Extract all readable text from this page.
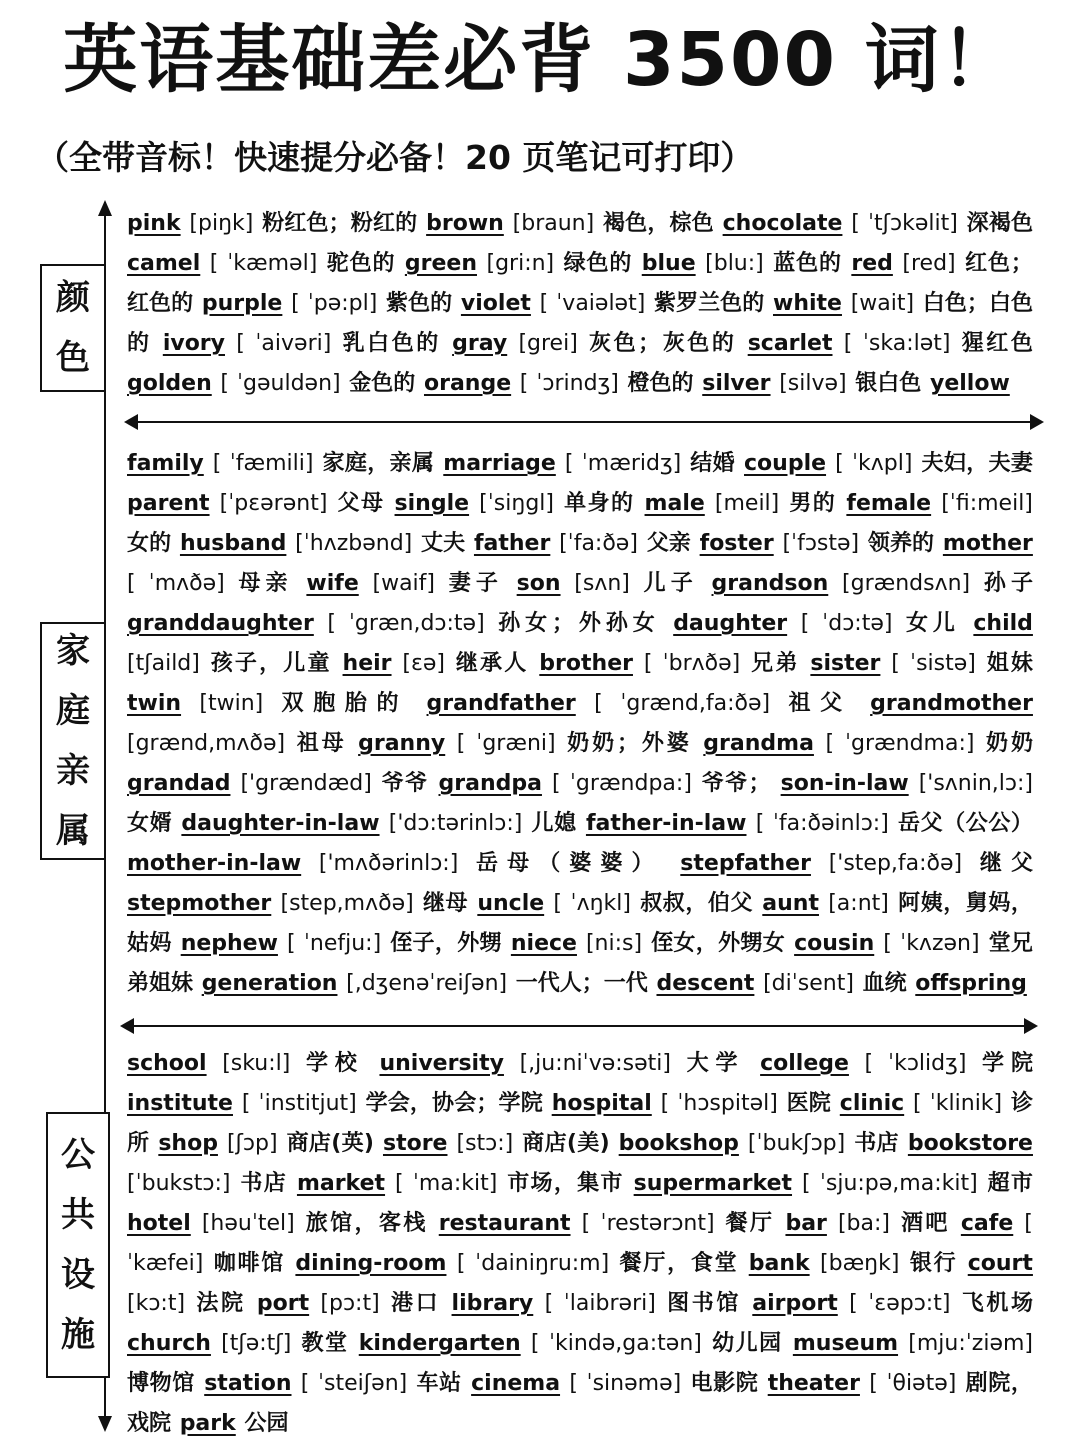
英语基础差必背 3500 词！
（全带音标！快速提分必备！20 页笔记可打印）
颜
色
家
庭
亲
属
公
共
设
施
pink [piŋk] 粉红色；粉红的 brown [braun] 褐色，棕色 chocolate [ ˈtʃɔkəlit] 深褐色 camel [ ˈkæməl] 驼色的 green [gri:n] 绿色的 blue [blu:] 蓝色的 red [red] 红色；红色的 purple [ ˈpə:pl] 紫色的 violet [ ˈvaiələt] 紫罗兰色的 white [wait] 白色；白色的 ivory [ ˈaivəri] 乳白色的 gray [grei] 灰色；灰色的 scarlet [ ˈska:lət] 猩红色 golden [ ˈgəuldən] 金色的 orange [ ˈɔrindʒ] 橙色的 silver [silvə] 银白色 yellow
family [ ˈfæmili] 家庭，亲属 marriage [ ˈmæridʒ] 结婚 couple [ ˈkʌpl] 夫妇，夫妻 parent [ˈpɛərənt] 父母 single [ˈsiŋgl] 单身的 male [meil] 男的 female [ˈfi:meil] 女的 husband [ˈhʌzbənd] 丈夫 father [ˈfa:ðə] 父亲 foster [ˈfɔstə] 领养的 mother [ ˈmʌðə] 母亲 wife [waif] 妻子 son [sʌn] 儿子 grandson [grændsʌn] 孙子 granddaughter [ ˈgræn,dɔ:tə] 孙女；外孙女 daughter [ ˈdɔ:tə] 女儿 child [tʃaild] 孩子，儿童 heir [ɛə] 继承人 brother [ ˈbrʌðə] 兄弟 sister [ ˈsistə] 姐妹 twin [twin] 双胞胎的 grandfather [ ˈgrænd,fa:ðə] 祖父 grandmother [grænd,mʌðə] 祖母 granny [ ˈgræni] 奶奶；外婆 grandma [ ˈgrændma:] 奶奶 grandad ['grændæd] 爷爷 grandpa [ ˈgrændpa:] 爷爷； son-in-law ['sʌnin,lɔ:] 女婿 daughter-in-law ['dɔ:tərinlɔ:] 儿媳 father-in-law [ ˈfa:ðəinlɔ:] 岳父（公公） mother-in-law ['mʌðərinlɔ:] 岳母（婆婆） stepfather ['step,fa:ðə] 继父 stepmother [step,mʌðə] 继母 uncle [ ˈʌŋkl] 叔叔，伯父 aunt [a:nt] 阿姨，舅妈，姑妈 nephew [ ˈnefju:] 侄子，外甥 niece [ni:s] 侄女，外甥女 cousin [ ˈkʌzən] 堂兄弟姐妹 generation [,dʒenəˈreiʃən] 一代人；一代 descent [diˈsent] 血统 offspring
school [sku:l] 学校 university [,ju:niˈvə:səti] 大学 college [ ˈkɔlidʒ] 学院 institute [ ˈinstitjut] 学会，协会；学院 hospital [ ˈhɔspitəl] 医院 clinic [ ˈklinik] 诊所 shop [ʃɔp] 商店(英) store [stɔ:] 商店(美) bookshop [ˈbukʃɔp] 书店 bookstore [ˈbukstɔ:] 书店 market [ ˈma:kit] 市场，集市 supermarket [ ˈsju:pə,ma:kit] 超市 hotel [həuˈtel] 旅馆，客栈 restaurant [ ˈrestərɔnt] 餐厅 bar [ba:] 酒吧 cafe [ ˈkæfei] 咖啡馆 dining-room [ ˈdainiŋru:m] 餐厅，食堂 bank [bæŋk] 银行 court [kɔ:t] 法院 port [pɔ:t] 港口 library [ ˈlaibrəri] 图书馆 airport [ ˈɛəpɔ:t] 飞机场 church [tʃə:tʃ] 教堂 kindergarten [ ˈkində,ga:tən] 幼儿园 museum [mju:ˈziəm] 博物馆 station [ ˈsteiʃən] 车站 cinema [ ˈsinəmə] 电影院 theater [ ˈθiətə] 剧院，戏院 park 公园
